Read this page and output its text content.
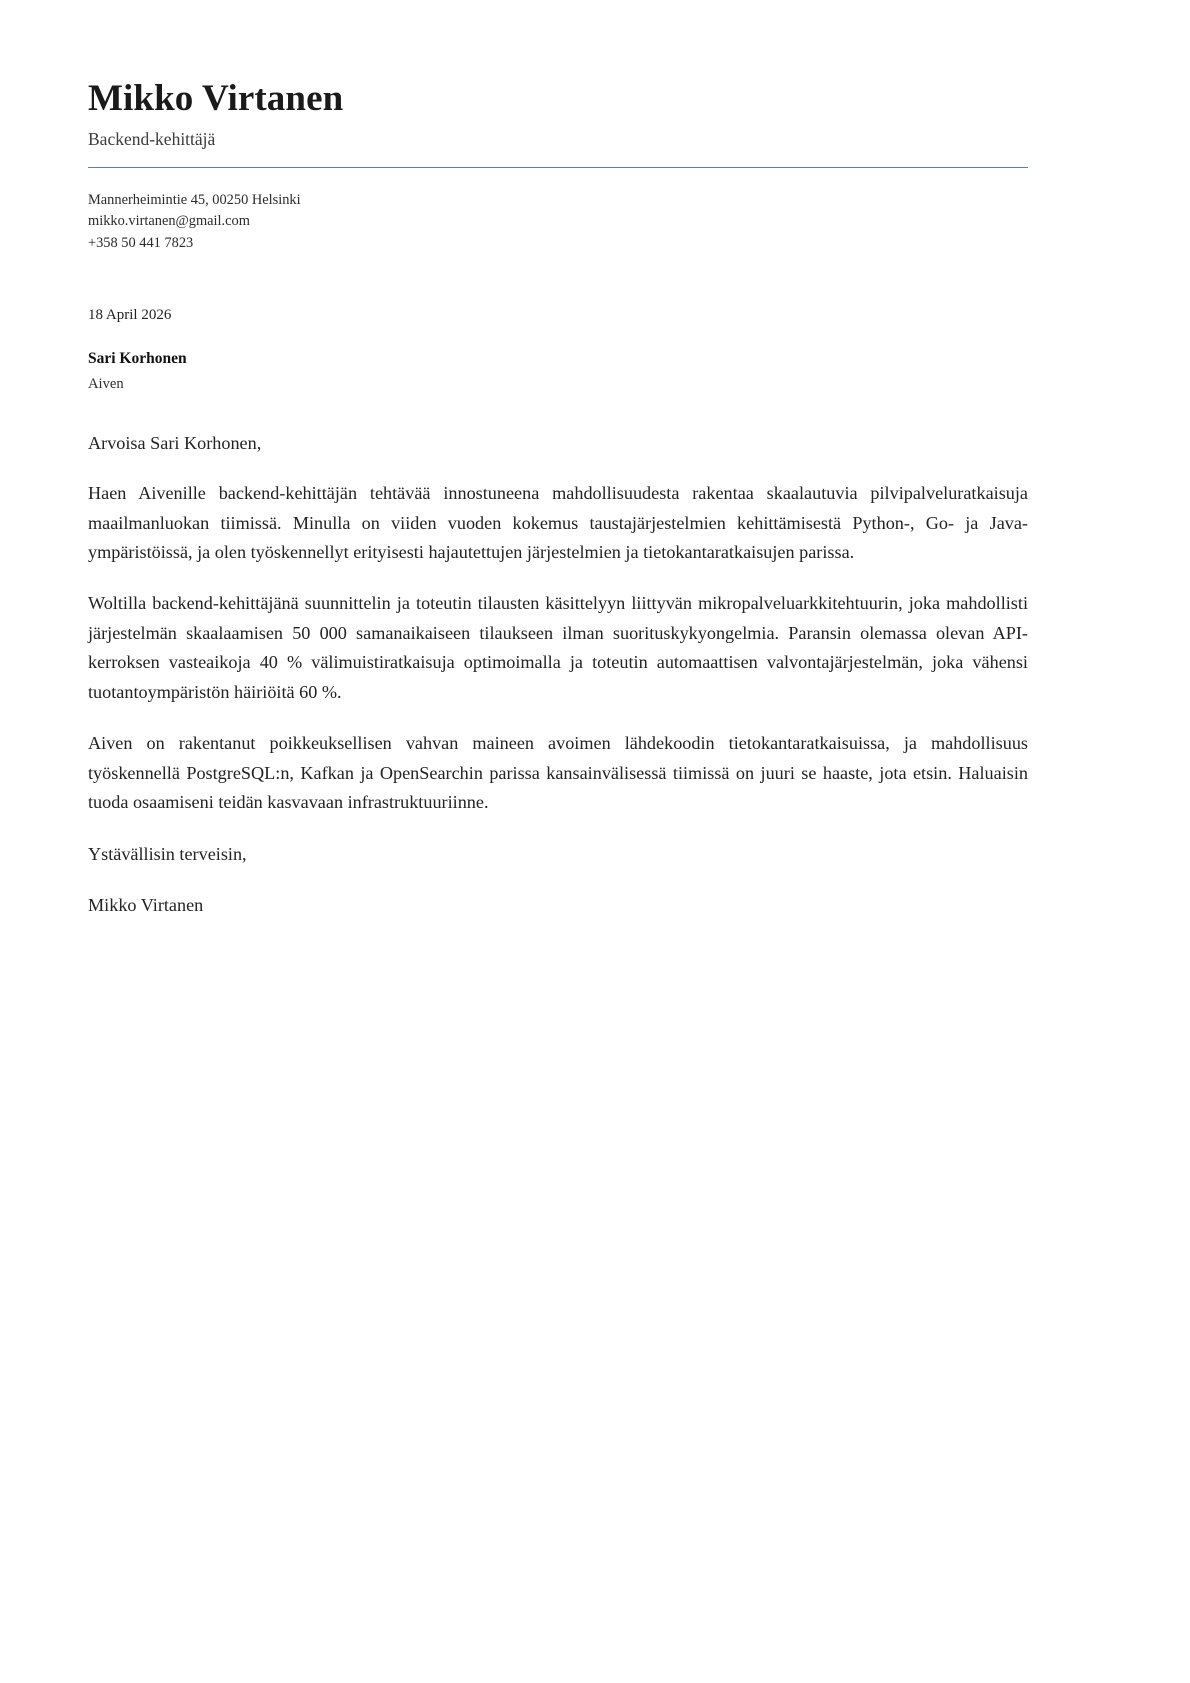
Mikko Virtanen
Backend-kehittäjä
Mannerheimintie 45, 00250 Helsinki
mikko.virtanen@gmail.com
+358 50 441 7823
18 April 2026
Sari Korhonen
Aiven

Arvoisa Sari Korhonen,

Haen Aivenille backend-kehittäjän tehtävää innostuneena mahdollisuudesta rakentaa skaalautuvia pilvipalveluratkaisuja maailmanluokan tiimissä. Minulla on viiden vuoden kokemus taustajärjestelmien kehittämisestä Python-, Go- ja Java-ympäristöissä, ja olen työskennellyt erityisesti hajautettujen järjestelmien ja tietokantaratkaisujen parissa.

Woltilla backend-kehittäjänä suunnittelin ja toteutin tilausten käsittelyyn liittyvän mikropalveluarkkitehtuurin, joka mahdollisti järjestelmän skaalaamisen 50 000 samanaikaiseen tilaukseen ilman suorituskykyongelmia. Paransin olemassa olevan API-kerroksen vasteaikoja 40 % välimuistiratkaisuja optimoimalla ja toteutin automaattisen valvontajärjestelmän, joka vähensi tuotantoympäristön häiriöitä 60 %.

Aiven on rakentanut poikkeuksellisen vahvan maineen avoimen lähdekoodin tietokantaratkaisuissa, ja mahdollisuus työskennellä PostgreSQL:n, Kafkan ja OpenSearchin parissa kansainvälisessä tiimissä on juuri se haaste, jota etsin. Haluaisin tuoda osaamiseni teidän kasvavaan infrastruktuuriinne.

Ystävällisin terveisin,

Mikko Virtanen
